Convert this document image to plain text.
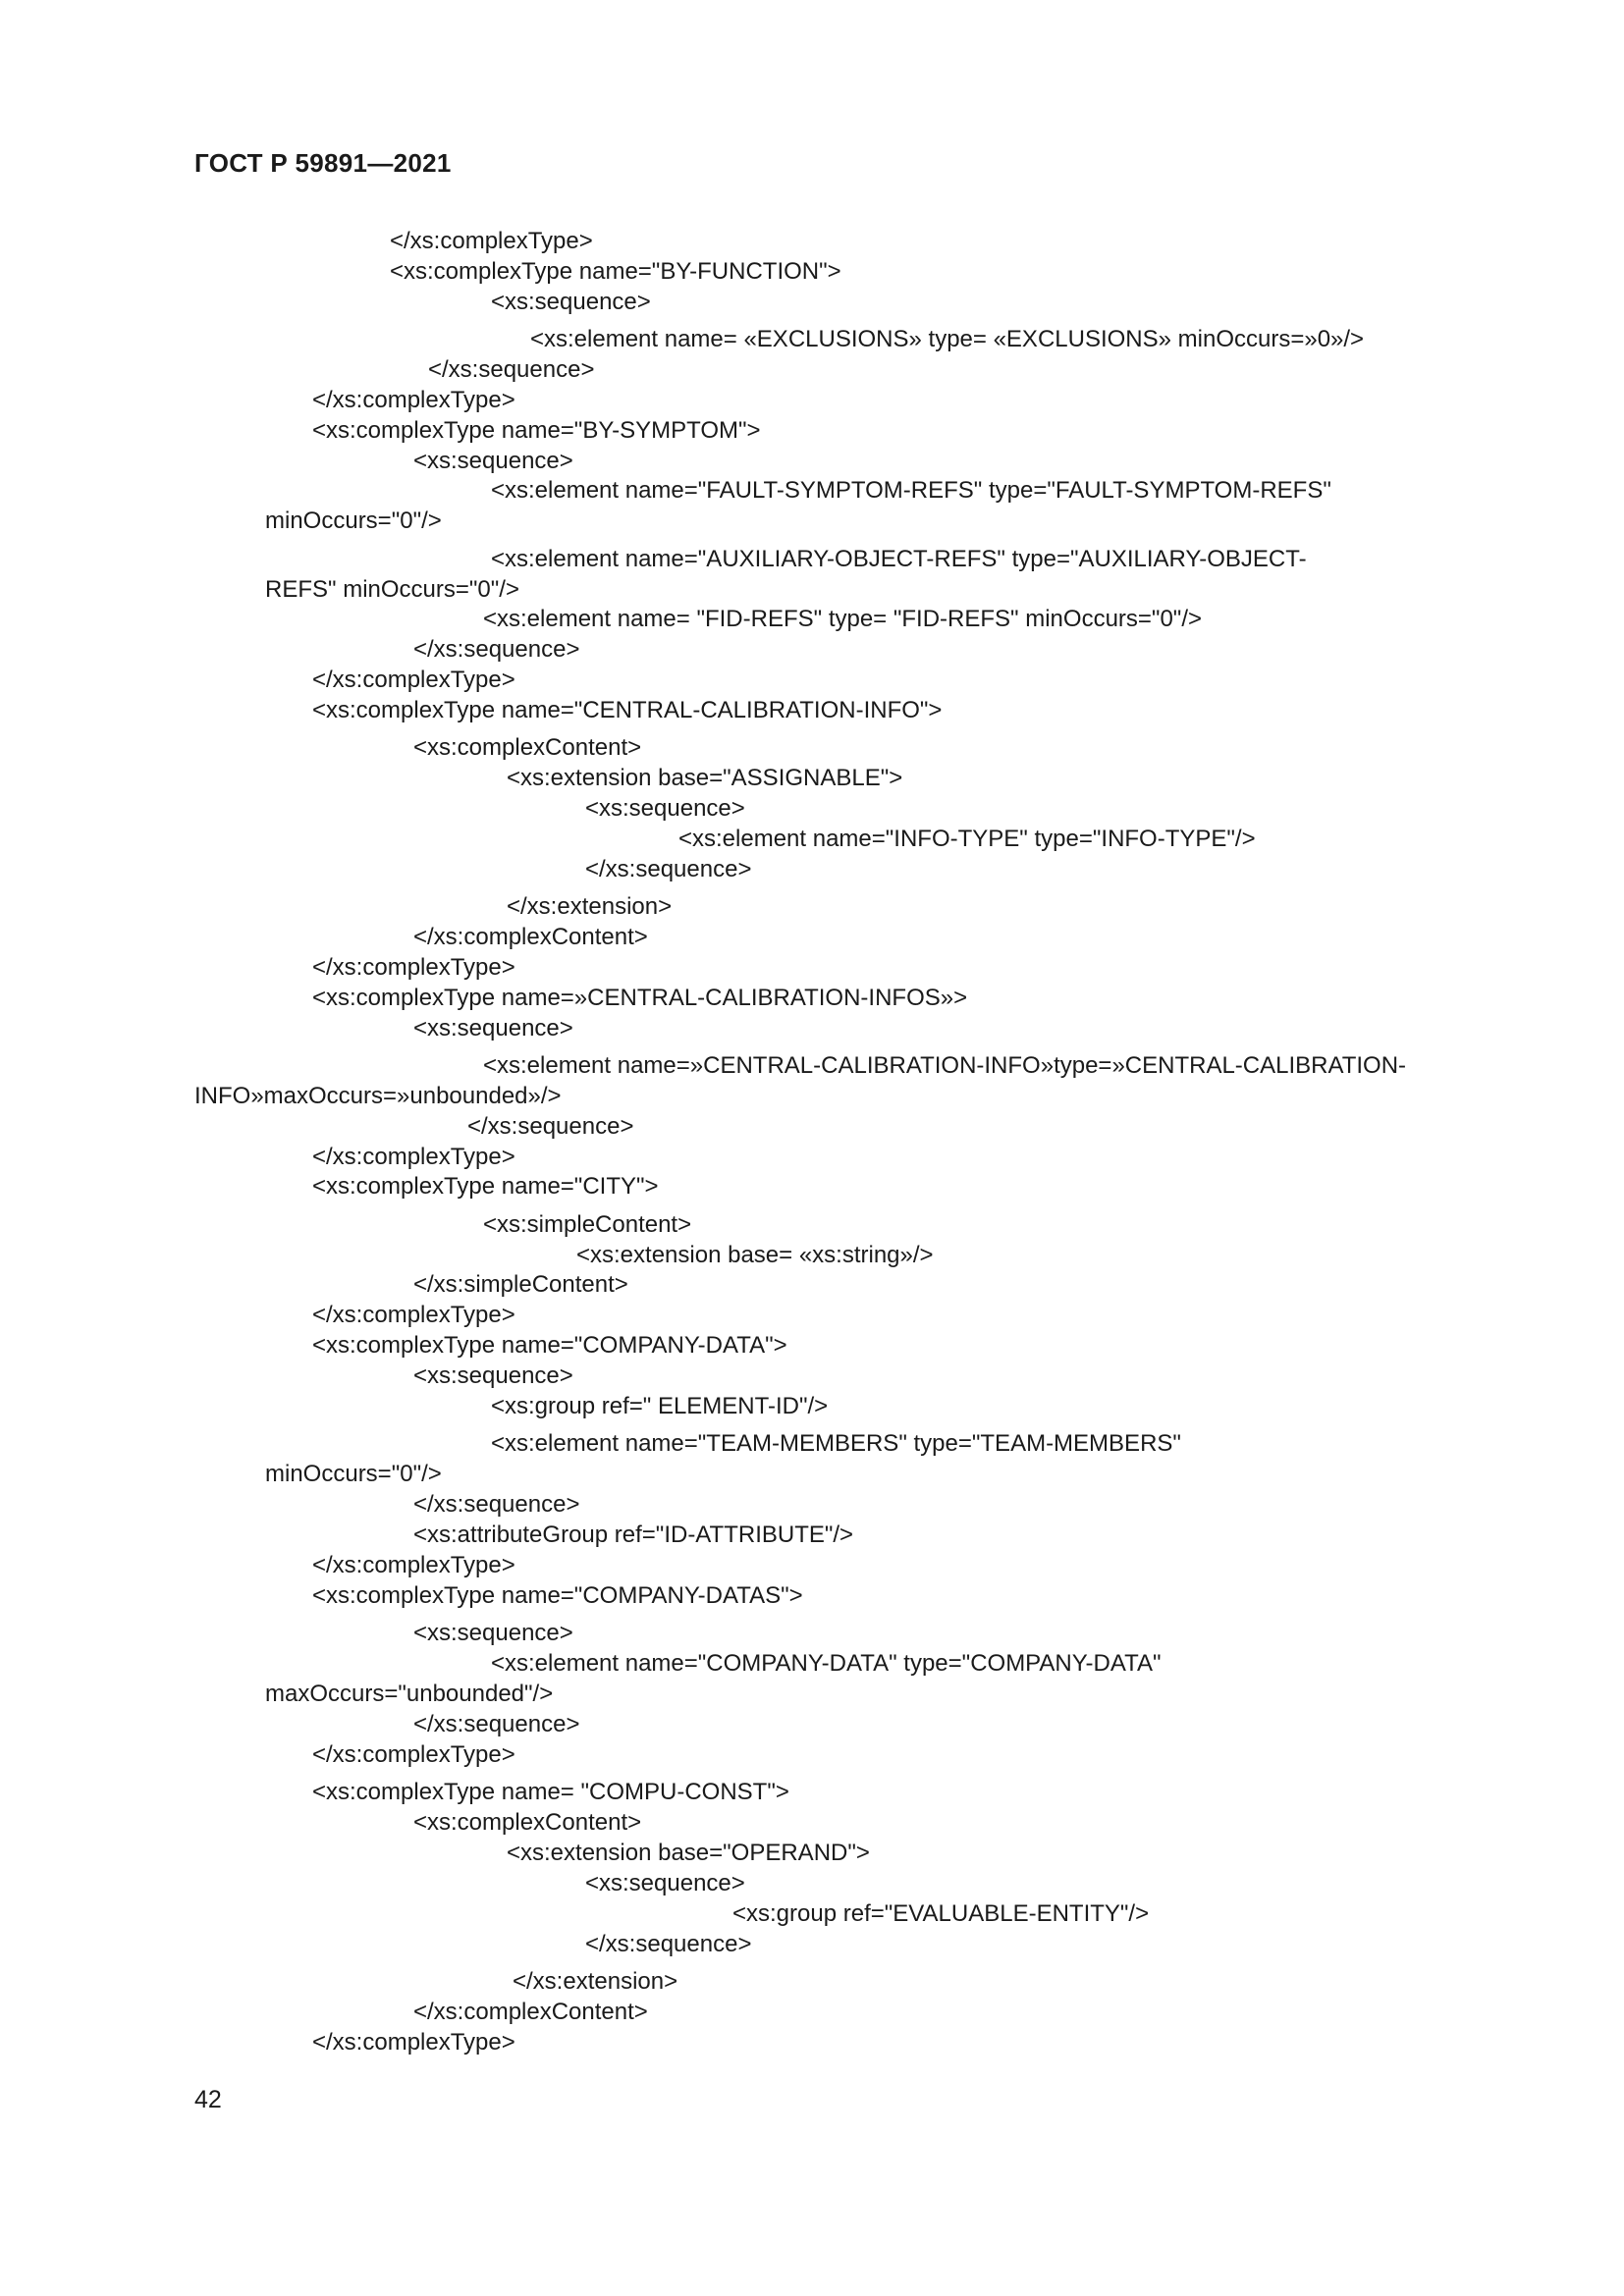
ГОСТ Р 59891—2021
</xs:complexType>
<xs:complexType name="BY-FUNCTION">
<xs:sequence>
<xs:element name= «EXCLUSIONS» type= «EXCLUSIONS» minOccurs=»0»/>
</xs:sequence>
</xs:complexType>
<xs:complexType name="BY-SYMPTOM">
<xs:sequence>
<xs:element name="FAULT-SYMPTOM-REFS" type="FAULT-SYMPTOM-REFS"
minOccurs="0"/>
<xs:element name="AUXILIARY-OBJECT-REFS" type="AUXILIARY-OBJECT-
REFS" minOccurs="0"/>
<xs:element name= "FID-REFS" type= "FID-REFS" minOccurs="0"/>
</xs:sequence>
</xs:complexType>
<xs:complexType name="CENTRAL-CALIBRATION-INFO">
<xs:complexContent>
<xs:extension base="ASSIGNABLE">
<xs:sequence>
<xs:element name="INFO-TYPE" type="INFO-TYPE"/>
</xs:sequence>
</xs:extension>
</xs:complexContent>
</xs:complexType>
<xs:complexType name=»CENTRAL-CALIBRATION-INFOS»>
<xs:sequence>
<xs:element name=»CENTRAL-CALIBRATION-INFO»type=»CENTRAL-CALIBRATION-
INFO»maxOccurs=»unbounded»/>
</xs:sequence>
</xs:complexType>
<xs:complexType name="CITY">
<xs:simpleContent>
<xs:extension base= «xs:string»/>
</xs:simpleContent>
</xs:complexType>
<xs:complexType name="COMPANY-DATA">
<xs:sequence>
<xs:group ref=" ELEMENT-ID"/>
<xs:element name="TEAM-MEMBERS" type="TEAM-MEMBERS"
minOccurs="0"/>
</xs:sequence>
<xs:attributeGroup ref="ID-ATTRIBUTE"/>
</xs:complexType>
<xs:complexType name="COMPANY-DATAS">
<xs:sequence>
<xs:element name="COMPANY-DATA" type="COMPANY-DATA"
maxOccurs="unbounded"/>
</xs:sequence>
</xs:complexType>
<xs:complexType name= "COMPU-CONST">
<xs:complexContent>
<xs:extension base="OPERAND">
<xs:sequence>
<xs:group ref="EVALUABLE-ENTITY"/>
</xs:sequence>
</xs:extension>
</xs:complexContent>
</xs:complexType>
42
